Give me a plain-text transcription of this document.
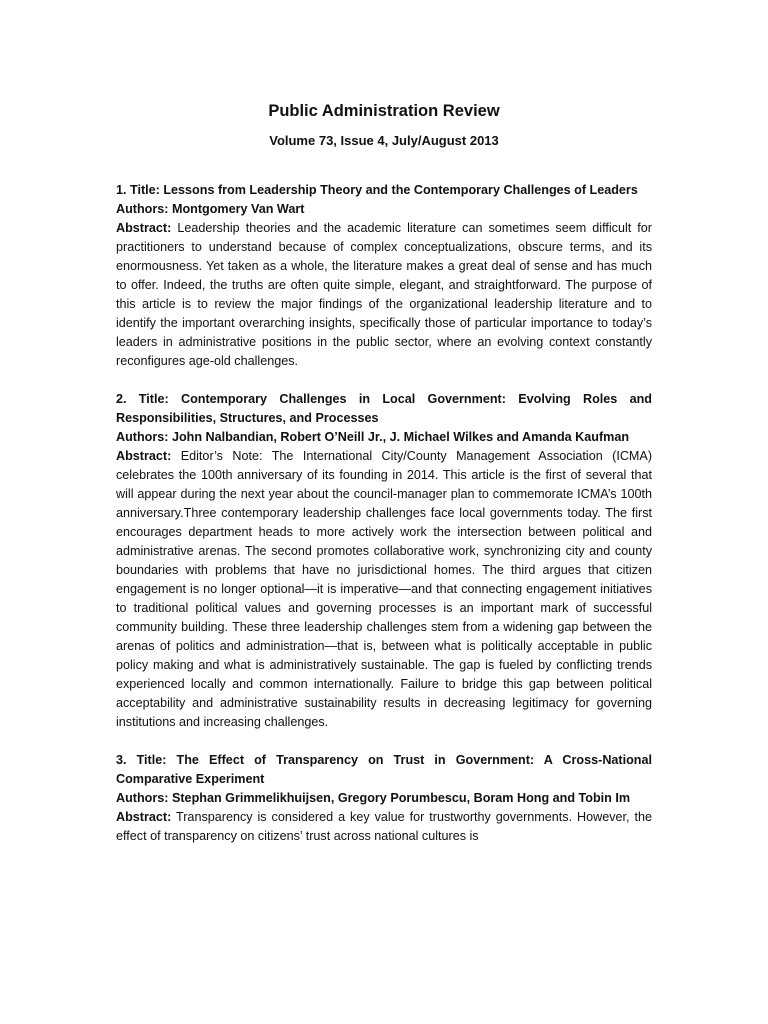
Public Administration Review
Volume 73, Issue 4, July/August 2013

1. Title: Lessons from Leadership Theory and the Contemporary Challenges of Leaders

Authors: Montgomery Van Wart

Abstract: Leadership theories and the academic literature can sometimes seem difficult for practitioners to understand because of complex conceptualizations, obscure terms, and its enormousness. Yet taken as a whole, the literature makes a great deal of sense and has much to offer. Indeed, the truths are often quite simple, elegant, and straightforward. The purpose of this article is to review the major findings of the organizational leadership literature and to identify the important overarching insights, specifically those of particular importance to today’s leaders in administrative positions in the public sector, where an evolving context constantly reconfigures age-old challenges.

2. Title: Contemporary Challenges in Local Government: Evolving Roles and Responsibilities, Structures, and Processes

Authors: John Nalbandian, Robert O’Neill Jr., J. Michael Wilkes and Amanda Kaufman

Abstract: Editor’s Note: The International City/County Management Association (ICMA) celebrates the 100th anniversary of its founding in 2014. This article is the first of several that will appear during the next year about the council-manager plan to commemorate ICMA’s 100th anniversary.Three contemporary leadership challenges face local governments today. The first encourages department heads to more actively work the intersection between political and administrative arenas. The second promotes collaborative work, synchronizing city and county boundaries with problems that have no jurisdictional homes. The third argues that citizen engagement is no longer optional—it is imperative—and that connecting engagement initiatives to traditional political values and governing processes is an important mark of successful community building. These three leadership challenges stem from a widening gap between the arenas of politics and administration—that is, between what is politically acceptable in public policy making and what is administratively sustainable. The gap is fueled by conflicting trends experienced locally and common internationally. Failure to bridge this gap between political acceptability and administrative sustainability results in decreasing legitimacy for governing institutions and increasing challenges.

3. Title: The Effect of Transparency on Trust in Government: A Cross-National Comparative Experiment

Authors: Stephan Grimmelikhuijsen, Gregory Porumbescu, Boram Hong and Tobin Im

Abstract: Transparency is considered a key value for trustworthy governments. However, the effect of transparency on citizens’ trust across national cultures is
